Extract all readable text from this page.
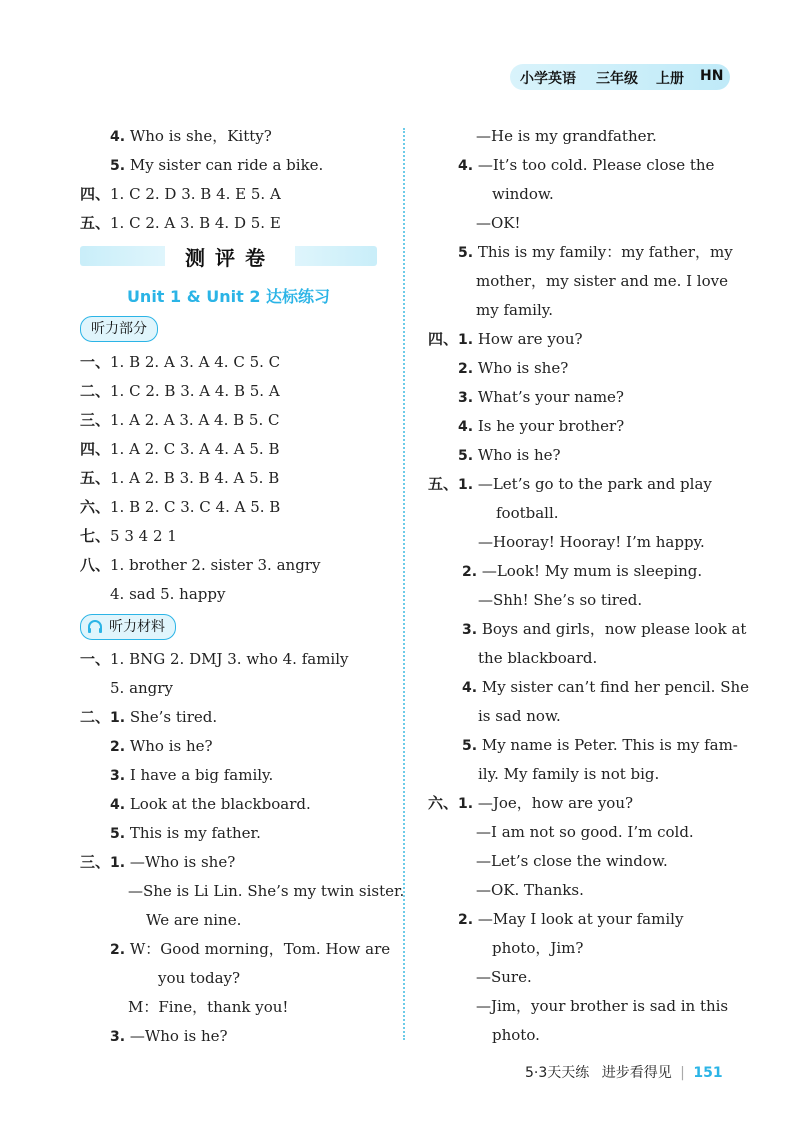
小学英语 三年级 上册 HN
测评卷
Unit 1 & Unit 2 达标练习
听力部分
听力材料
4. Who is she，Kitty?
5. My sister can ride a bike.
四、1. C 2. D 3. B 4. E 5. A
五、1. C 2. A 3. B 4. D 5. E
一、1. B 2. A 3. A 4. C 5. C
二、1. C 2. B 3. A 4. B 5. A
三、1. A 2. A 3. A 4. B 5. C
四、1. A 2. C 3. A 4. A 5. B
五、1. A 2. B 3. B 4. A 5. B
六、1. B 2. C 3. C 4. A 5. B
七、5 3 4 2 1
八、1. brother 2. sister 3. angry
4. sad 5. happy
一、1. BNG 2. DMJ 3. who 4. family
5. angry
二、1. She’s tired.
2. Who is he?
3. I have a big family.
4. Look at the blackboard.
5. This is my father.
三、1. —Who is she?
—She is Li Lin. She’s my twin sister.
We are nine.
2. W：Good morning，Tom. How are
you today?
M：Fine，thank you!
3. —Who is he?
—He is my grandfather.
4. —It’s too cold. Please close the
window.
—OK!
5. This is my family：my father，my
mother，my sister and me. I love
my family.
四、1. How are you?
2. Who is she?
3. What’s your name?
4. Is he your brother?
5. Who is he?
五、1. —Let’s go to the park and play
football.
—Hooray! Hooray! I’m happy.
2. —Look! My mum is sleeping.
—Shh! She’s so tired.
3. Boys and girls，now please look at
the blackboard.
4. My sister can’t find her pencil. She
is sad now.
5. My name is Peter. This is my fam-
ily. My family is not big.
六、1. —Joe，how are you?
—I am not so good. I’m cold.
—Let’s close the window.
—OK. Thanks.
2. —May I look at your family
photo，Jim?
—Sure.
—Jim，your brother is sad in this
photo.
5·3天天练 进步看得见 | 151
